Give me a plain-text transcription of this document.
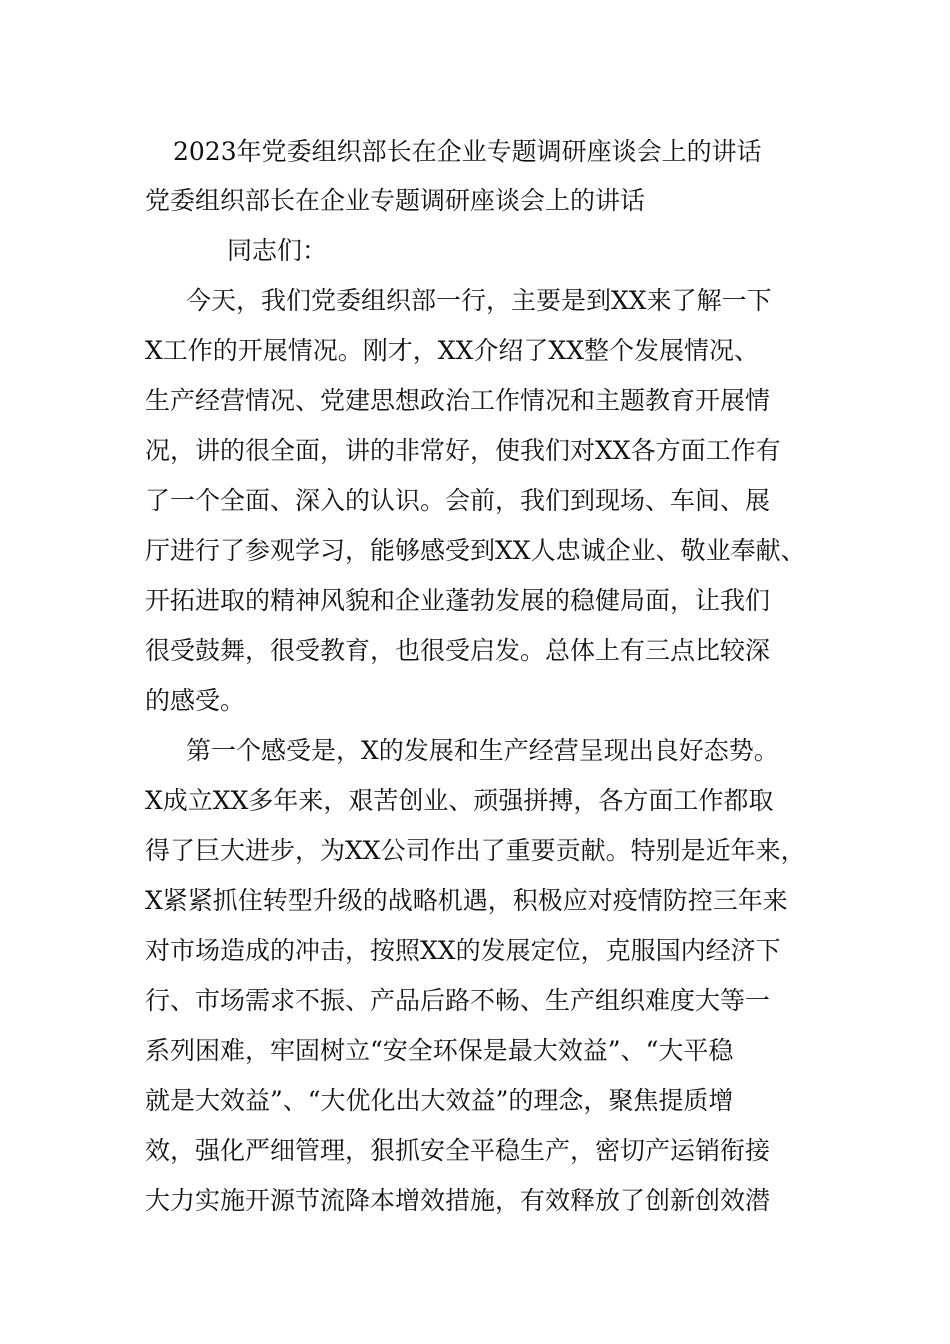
2023年党委组织部长在企业专题调研座谈会上的讲话
党委组织部长在企业专题调研座谈会上的讲话
同志们：
今天，我们党委组织部一行，主要是到XX来了解一下
X工作的开展情况。刚才，XX介绍了XX整个发展情况、
生产经营情况、党建思想政治工作情况和主题教育开展情
况，讲的很全面，讲的非常好，使我们对XX各方面工作有
了一个全面、深入的认识。会前，我们到现场、车间、展
厅进行了参观学习，能够感受到XX人忠诚企业、敬业奉献、
开拓进取的精神风貌和企业蓬勃发展的稳健局面，让我们
很受鼓舞，很受教育，也很受启发。总体上有三点比较深
的感受。
第一个感受是，X的发展和生产经营呈现出良好态势。
X成立XX多年来，艰苦创业、顽强拼搏，各方面工作都取
得了巨大进步，为XX公司作出了重要贡献。特别是近年来，
X紧紧抓住转型升级的战略机遇，积极应对疫情防控三年来
对市场造成的冲击，按照XX的发展定位，克服国内经济下
行、市场需求不振、产品后路不畅、生产组织难度大等一
系列困难，牢固树立“安全环保是最大效益”、“大平稳
就是大效益”、“大优化出大效益”的理念，聚焦提质增
效，强化严细管理，狠抓安全平稳生产，密切产运销衔接
大力实施开源节流降本增效措施，有效释放了创新创效潜
